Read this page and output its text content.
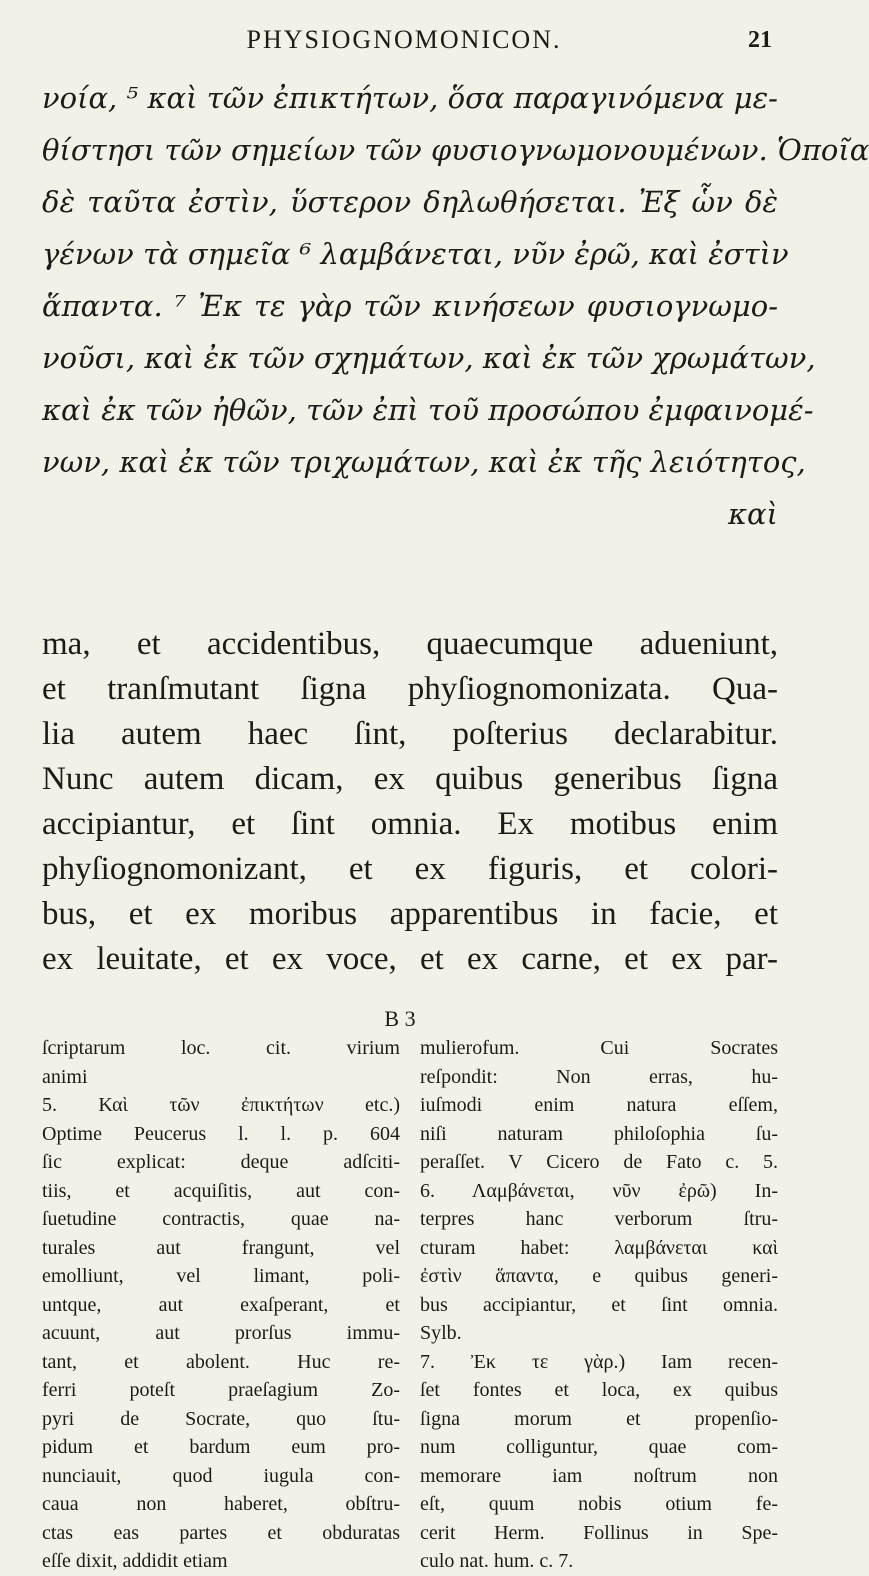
PHYSIOGNOMONICON.	21
νοία, ⁵ καὶ τῶν ἐπικτήτων, ὅσα παραγινόμενα με-
θίστησι τῶν σημείων τῶν φυσιογνωμονουμένων. Ὁποῖα
δὲ ταῦτα ἐστὶν, ὕστερον δηλωθήσεται. Ἐξ ὧν δὲ
γένων τὰ σημεῖα ⁶ λαμβάνεται, νῦν ἐρῶ, καὶ ἐστὶν
ἅπαντα. ⁷ Ἐκ τε γὰρ τῶν κινήσεων φυσιογνωμο-
νοῦσι, καὶ ἐκ τῶν σχημάτων, καὶ ἐκ τῶν χρωμάτων,
καὶ ἐκ τῶν ἠθῶν, τῶν ἐπὶ τοῦ προσώπου ἐμφαινομέ-
νων, καὶ ἐκ τῶν τριχωμάτων, καὶ ἐκ τῆς λειότητος,
καὶ
ma, et accidentibus, quaecumque adueniunt,
et tranſmutant ſigna phyſiognomonizata. Qua-
lia autem haec ſint, poſterius declarabitur.
Nunc autem dicam, ex quibus generibus ſigna
accipiantur, et ſint omnia. Ex motibus enim
phyſiognomonizant, et ex figuris, et colori-
bus, et ex moribus apparentibus in facie, et
ex leuitate, et ex voce, et ex carne, et ex par-
B 3
ſcriptarum loc. cit. virium
animi
5. Καὶ τῶν ἐπικτήτων etc.)
Optime Peucerus l. l. p. 604
ſic explicat: deque adſciti-
tiis, et acquiſitis, aut con-
ſuetudine contractis, quae na-
turales aut frangunt, vel
emolliunt, vel limant, poli-
untque, aut exaſperant, et
acuunt, aut prorſus immu-
tant, et abolent. Huc re-
ferri poteſt praeſagium Zo-
pyri de Socrate, quo ſtu-
pidum et bardum eum pro-
nunciauit, quod iugula con-
caua non haberet, obſtru-
ctas eas partes et obduratas
eſſe dixit, addidit etiam
mulierofum. Cui Socrates
reſpondit: Non erras, hu-
iuſmodi enim natura eſſem,
niſi naturam philoſophia ſu-
peraſſet. V Cicero de Fato c. 5.
6. Λαμβάνεται, νῦν ἐρῶ) In-
terpres hanc verborum ſtru-
cturam habet: λαμβάνεται καὶ
ἐστὶν ἅπαντα, e quibus generi-
bus accipiantur, et ſint omnia.
Sylb.
7. Ἐκ τε γὰρ.) Iam recen-
ſet fontes et loca, ex quibus
ſigna morum et propenſio-
num colliguntur, quae com-
memorare iam noſtrum non
eſt, quum nobis otium fe-
cerit Herm. Follinus in Spe-
culo nat. hum. c. 7.
